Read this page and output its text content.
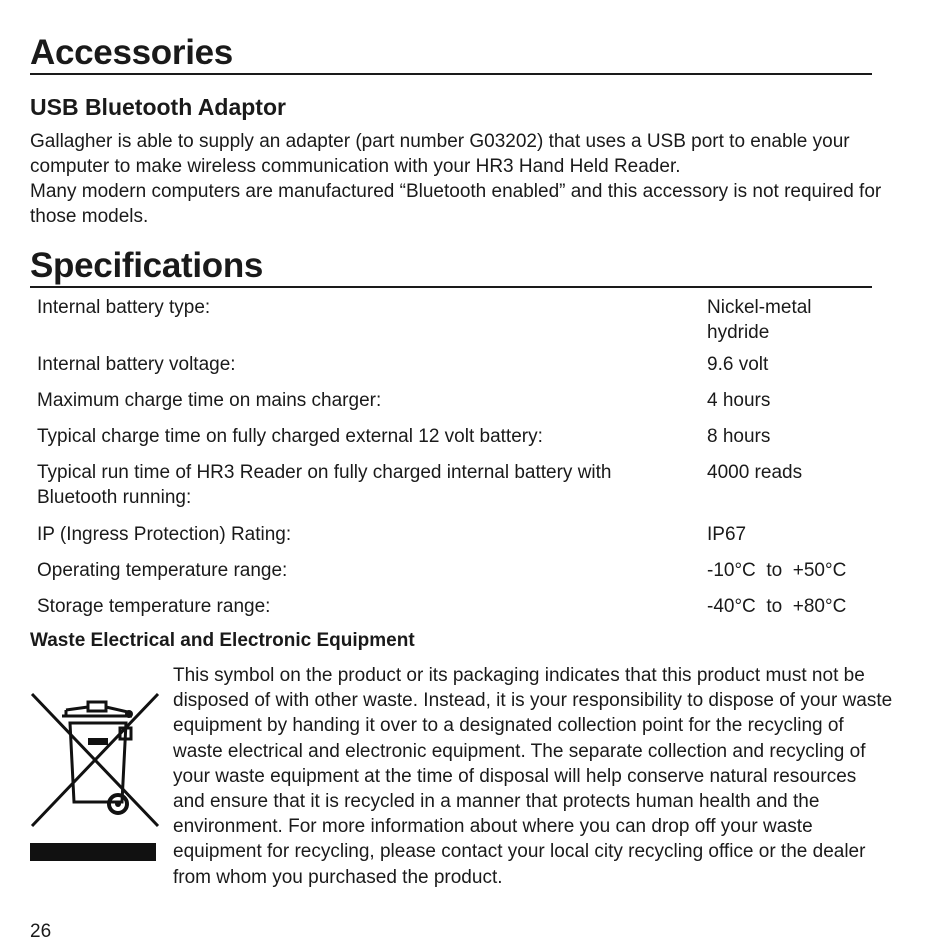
Accessories
USB Bluetooth Adaptor

Gallagher is able to supply an adapter (part number G03202) that uses a USB port to enable your computer to make wireless communication with your HR3 Hand Held Reader.

Many modern computers are manufactured “Bluetooth enabled” and this accessory is not required for those models.

Specifications
Internal battery type:	Nickel-metal hydride
Internal battery voltage:	9.6 volt
Maximum charge time on mains charger:	4 hours
Typical charge time on fully charged external 12 volt battery:	8 hours
Typical run time of HR3 Reader on fully charged internal battery with Bluetooth running:	4000 reads
IP (Ingress Protection) Rating:	IP67
Operating temperature range:	-10°C  to  +50°C
Storage temperature range:	-40°C  to  +80°C
Waste Electrical and Electronic Equipment

This symbol on the product or its packaging indicates that this product must not be disposed of with other waste. Instead, it is your responsibility to dispose of your waste equipment by handing it over to a designated collection point for the recycling of waste electrical and electronic equipment. The separate collection and recycling of your waste equipment at the time of disposal will help conserve natural resources and ensure that it is recycled in a manner that protects human health and the environment. For more information about where you can drop off your waste equipment for recycling, please contact your local city recycling office or the dealer from whom you purchased the product.

26
